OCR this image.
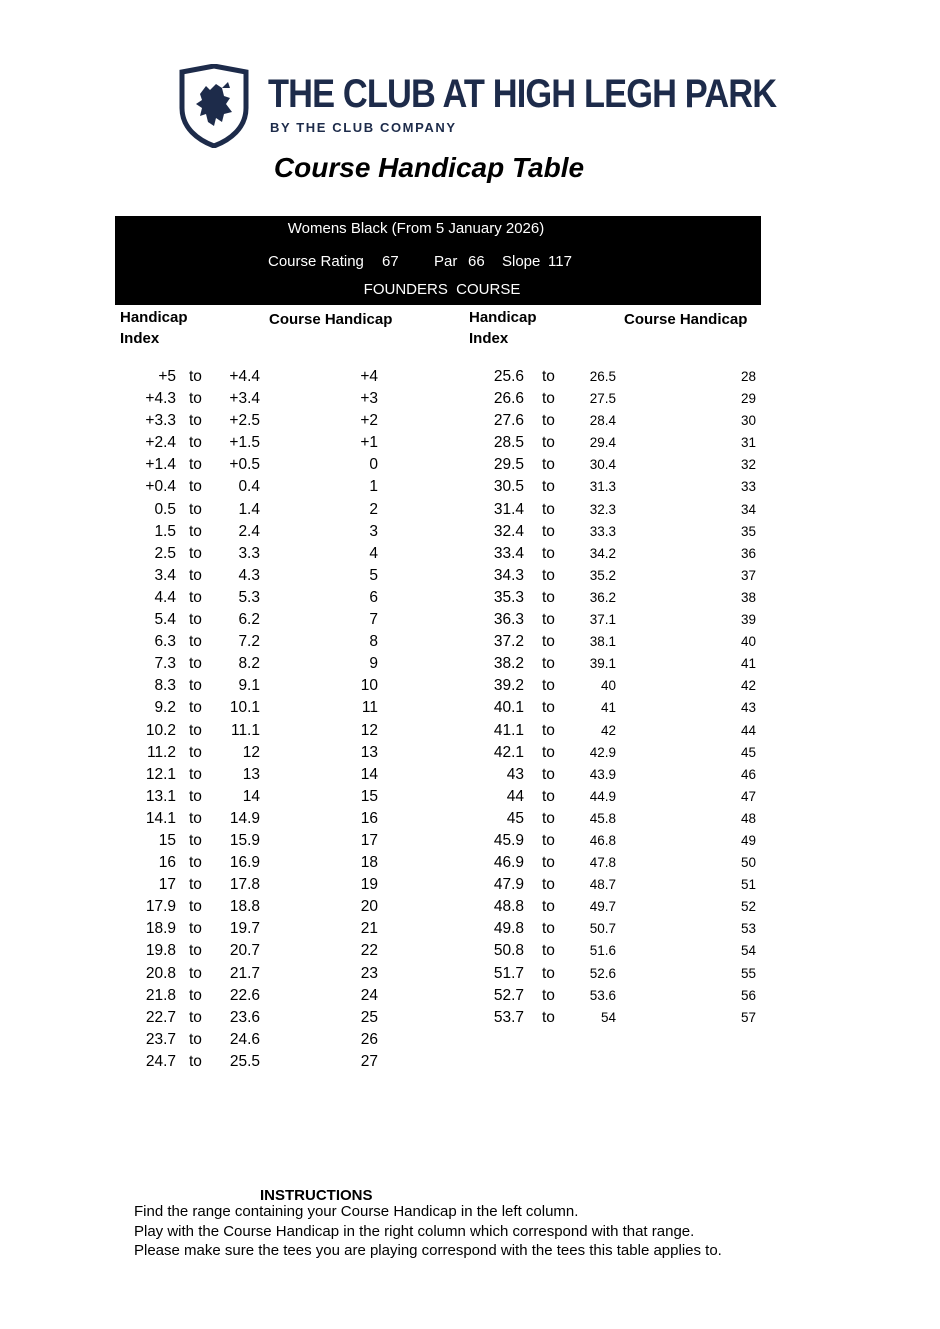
THE CLUB AT HIGH LEGH PARK
BY THE CLUB COMPANY
Course Handicap Table
Womens Black (From 5 January 2026)
Course Rating 67 Par 66 Slope 117
FOUNDERS  COURSE
Handicap
Index
Course Handicap	Handicap
Index
Course Handicap
+5 to	+4.4	+4
+4.3 to	+3.4	+3
+3.3 to	+2.5	+2
+2.4 to	+1.5	+1
+1.4 to	+0.5	0
+0.4 to	0.4	1
0.5 to	1.4	2
1.5 to	2.4	3
2.5 to	3.3	4
3.4 to	4.3	5
4.4 to	5.3	6
5.4 to	6.2	7
6.3 to	7.2	8
7.3 to	8.2	9
8.3 to	9.1	10
9.2 to	10.1	11
10.2 to	11.1	12
11.2 to	12	13
12.1 to	13	14
13.1 to	14	15
14.1 to	14.9	16
15 to	15.9	17
16 to	16.9	18
17 to	17.8	19
17.9 to	18.8	20
18.9 to	19.7	21
19.8 to	20.7	22
20.8 to	21.7	23
21.8 to	22.6	24
22.7 to	23.6	25
23.7 to	24.6	26
24.7 to	25.5	27
25.6 to	26.5	28
26.6 to	27.5	29
27.6 to	28.4	30
28.5 to	29.4	31
29.5 to	30.4	32
30.5 to	31.3	33
31.4 to	32.3	34
32.4 to	33.3	35
33.4 to	34.2	36
34.3 to	35.2	37
35.3 to	36.2	38
36.3 to	37.1	39
37.2 to	38.1	40
38.2 to	39.1	41
39.2 to	40	42
40.1 to	41	43
41.1 to	42	44
42.1 to	42.9	45
43 to	43.9	46
44 to	44.9	47
45 to	45.8	48
45.9 to	46.8	49
46.9 to	47.8	50
47.9 to	48.7	51
48.8 to	49.7	52
49.8 to	50.7	53
50.8 to	51.6	54
51.7 to	52.6	55
52.7 to	53.6	56
53.7 to	54	57
INSTRUCTIONS
Find the range containing your Course Handicap in the left column.
Play with the Course Handicap in the right column which correspond with that range.
Please make sure the tees you are playing correspond with the tees this table applies to.
